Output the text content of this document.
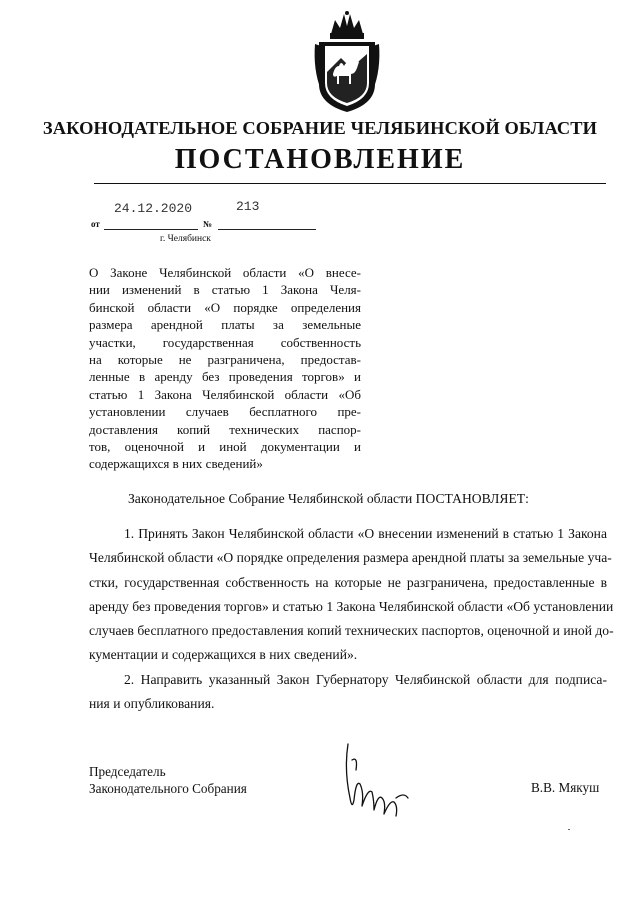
ЗАКОНОДАТЕЛЬНОЕ СОБРАНИЕ ЧЕЛЯБИНСКОЙ ОБЛАСТИ
ПОСТАНОВЛЕНИЕ
от
24.12.2020
№
213
г. Челябинск
О Законе Челябинской области «О внесе-
нии изменений в статью 1 Закона Челя-
бинской области «О порядке определения
размера арендной платы за земельные
участки, государственная собственность
на которые не разграничена, предостав-
ленные в аренду без проведения торгов» и
статью 1 Закона Челябинской области «Об
установлении случаев бесплатного пре-
доставления копий технических паспор-
тов, оценочной и иной документации и
содержащихся в них сведений»
Законодательное Собрание Челябинской области ПОСТАНОВЛЯЕТ:
1. Принять Закон Челябинской области «О внесении изменений в статью 1 Закона
Челябинской области «О порядке определения размера арендной платы за земельные уча-
стки, государственная собственность на которые не разграничена, предоставленные в
аренду без проведения торгов» и статью 1 Закона Челябинской области «Об установлении
случаев бесплатного предоставления копий технических паспортов, оценочной и иной до-
кументации и содержащихся в них сведений».
2. Направить указанный Закон Губернатору Челябинской области для подписа-
ния и опубликования.
Председатель
Законодательного Собрания	В.В. Мякуш
